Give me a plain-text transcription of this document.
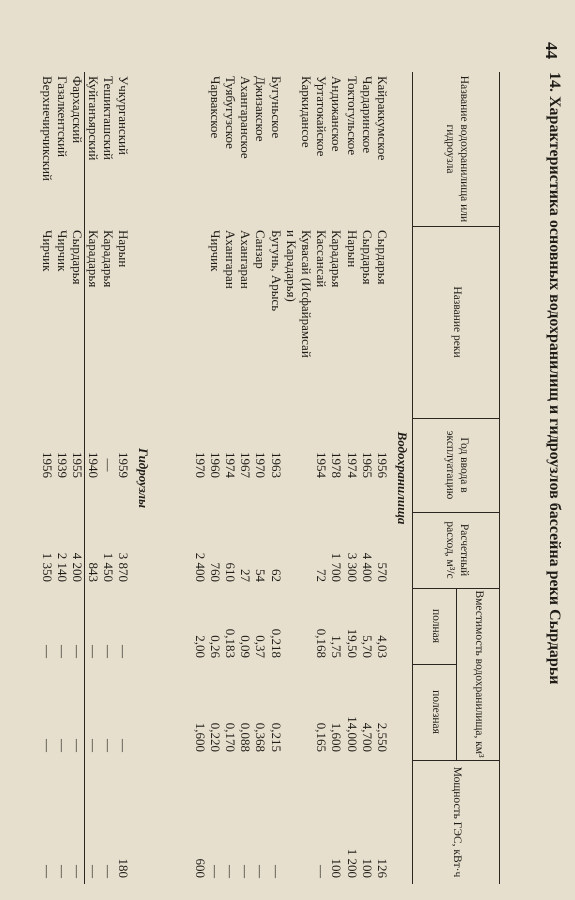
44
14. Характеристика основных водохранилищ и гидроузлов бассейна реки Сырдарьи
Название водохранилища или гидроузла
Название реки
Год ввода в эксплуатацию
Расчетный расход, м³/с
Вместимость водохранилища, км³
полная
полезная
Мощность ГЭС, кВт·ч
Водохранилища
Гидроузлы
Кайраккумское
Сырдарья
1956
570
4,03
2,550
126
Чардаринское
Сырдарья
1965
4 400
5,70
4,700
100
Токтогульское
Нарын
1974
3 300
19,50
14,000
1 200
Андижанское
Карадарья
1978
1 700
1,75
1,600
100
Уртатокайское
Кассансай
1954
72
0,168
0,165
—
Каркидансое
Кувасай (Исфайрамсай
и Карадарья)
Бугуньское
Бугунь, Арысь
1963
62
0,218
0,215
—
Джизакское
Санзар
1970
54
0,37
0,368
—
Ахангаранское
Ахангаран
1967
27
0,09
0,088
—
Туябугузское
Ахангаран
1974
610
0,183
0,170
—
Чарвакское
Чирчик
1960
760
0,26
0,220
—
1970
2 400
2,00
1,600
600
Учкурганский
Нарын
1959
3 870
—
—
180
Тешикташский
Карадарья
—
1 450
—
—
—
Куйганъярский
Карадарья
1940
843
—
—
—
Фархадский
Сырдарья
1955
4 200
—
—
—
Газалкентский
Чирчик
1939
2 140
—
—
—
Верхнечирчикский
Чирчик
1956
1 350
—
—
—
